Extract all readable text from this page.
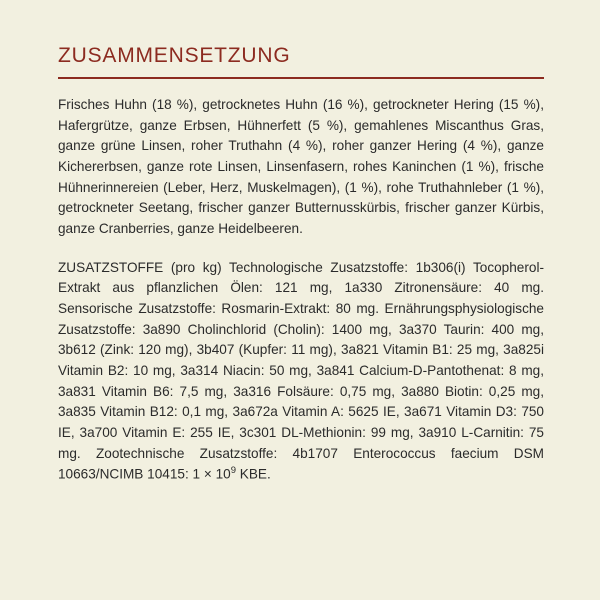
ZUSAMMENSETZUNG

Frisches Huhn (18 %), getrocknetes Huhn (16 %), getrockneter Hering (15 %), Hafergrütze, ganze Erbsen, Hühnerfett (5 %), gemahlenes Miscanthus Gras, ganze grüne Linsen, roher Truthahn (4 %), roher ganzer Hering (4 %), ganze Kichererbsen, ganze rote Linsen, Linsenfasern, rohes Kaninchen (1 %), frische Hühnerinnereien (Leber, Herz, Muskelmagen), (1 %), rohe Truthahnleber (1 %), getrockneter Seetang, frischer ganzer Butternusskürbis, frischer ganzer Kürbis, ganze Cranberries, ganze Heidelbeeren.

ZUSATZSTOFFE (pro kg) Technologische Zusatzstoffe: 1b306(i) Tocopherol-Extrakt aus pflanzlichen Ölen: 121 mg, 1a330 Zitronensäure: 40 mg. Sensorische Zusatzstoffe: Rosmarin-Extrakt: 80 mg. Ernährungsphysiologische Zusatzstoffe: 3a890 Cholinchlorid (Cholin): 1400 mg, 3a370 Taurin: 400 mg, 3b612 (Zink: 120 mg), 3b407 (Kupfer: 11 mg), 3a821 Vitamin B1: 25 mg, 3a825i Vitamin B2: 10 mg, 3a314 Niacin: 50 mg, 3a841 Calcium-D-Pantothenat: 8 mg, 3a831 Vitamin B6: 7,5 mg, 3a316 Folsäure: 0,75 mg, 3a880 Biotin: 0,25 mg, 3a835 Vitamin B12: 0,1 mg, 3a672a Vitamin A: 5625 IE, 3a671 Vitamin D3: 750 IE, 3a700 Vitamin E: 255 IE, 3c301 DL-Methionin: 99 mg, 3a910 L-Carnitin: 75 mg. Zootechnische Zusatzstoffe: 4b1707 Enterococcus faecium DSM 10663/NCIMB 10415: $1 \times 10^9$ KBE.
